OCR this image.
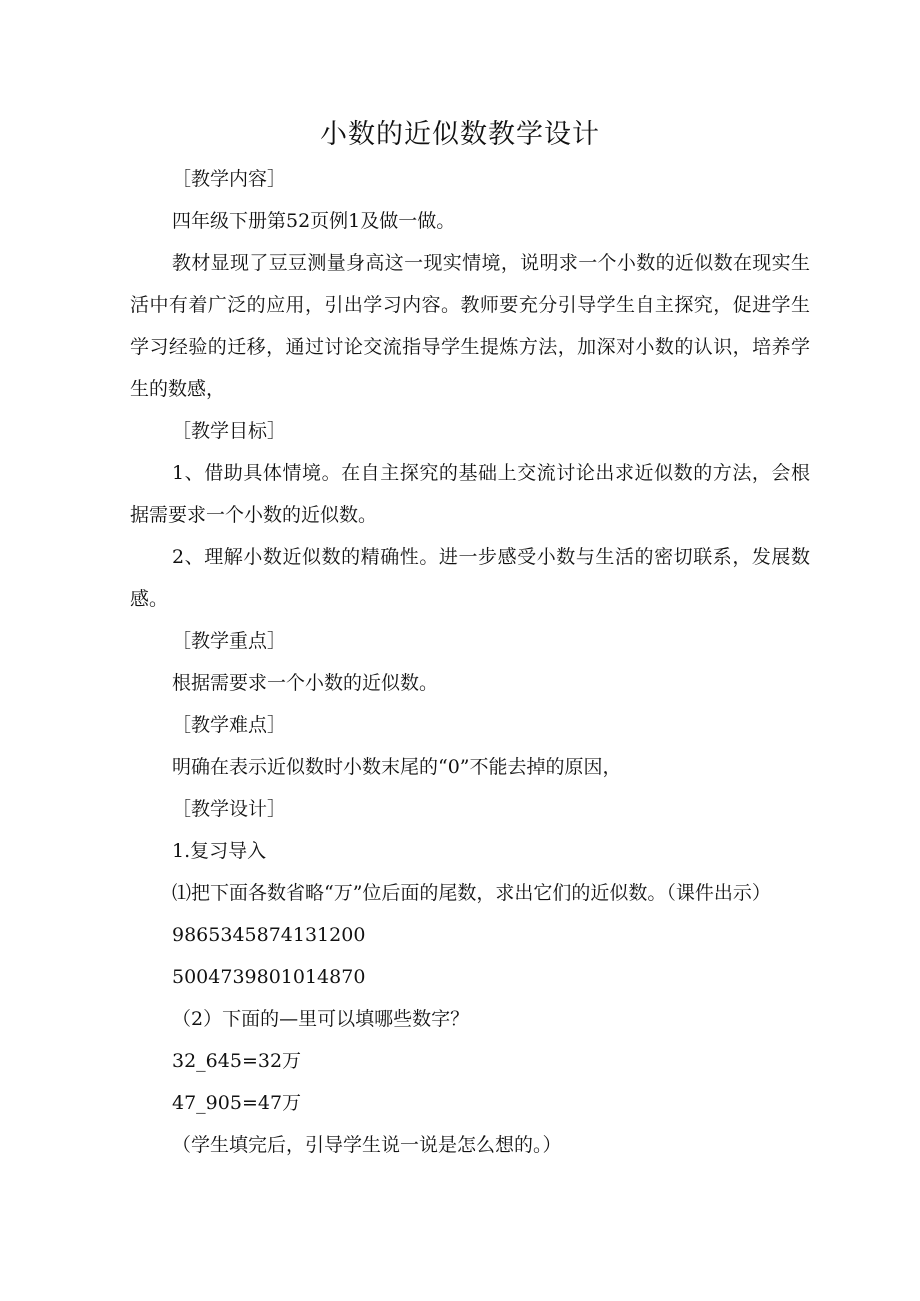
小数的近似数教学设计

［教学内容］

四年级下册第52页例1及做一做。

教材显现了豆豆测量身高这一现实情境，说明求一个小数的近似数在现实生活中有着广泛的应用，引出学习内容。教师要充分引导学生自主探究，促进学生学习经验的迁移，通过讨论交流指导学生提炼方法，加深对小数的认识，培养学生的数感，

［教学目标］

1、借助具体情境。在自主探究的基础上交流讨论出求近似数的方法，会根据需要求一个小数的近似数。

2、理解小数近似数的精确性。进一步感受小数与生活的密切联系，发展数感。

［教学重点］

根据需要求一个小数的近似数。

［教学难点］

明确在表示近似数时小数末尾的“0”不能去掉的原因，

［教学设计］

1.复习导入

⑴把下面各数省略“万”位后面的尾数，求出它们的近似数。（课件出示）

9865345874131200

5004739801014870

（2）下面的—里可以填哪些数字？

32_645=32万

47_905=47万

（学生填完后，引导学生说一说是怎么想的。）
